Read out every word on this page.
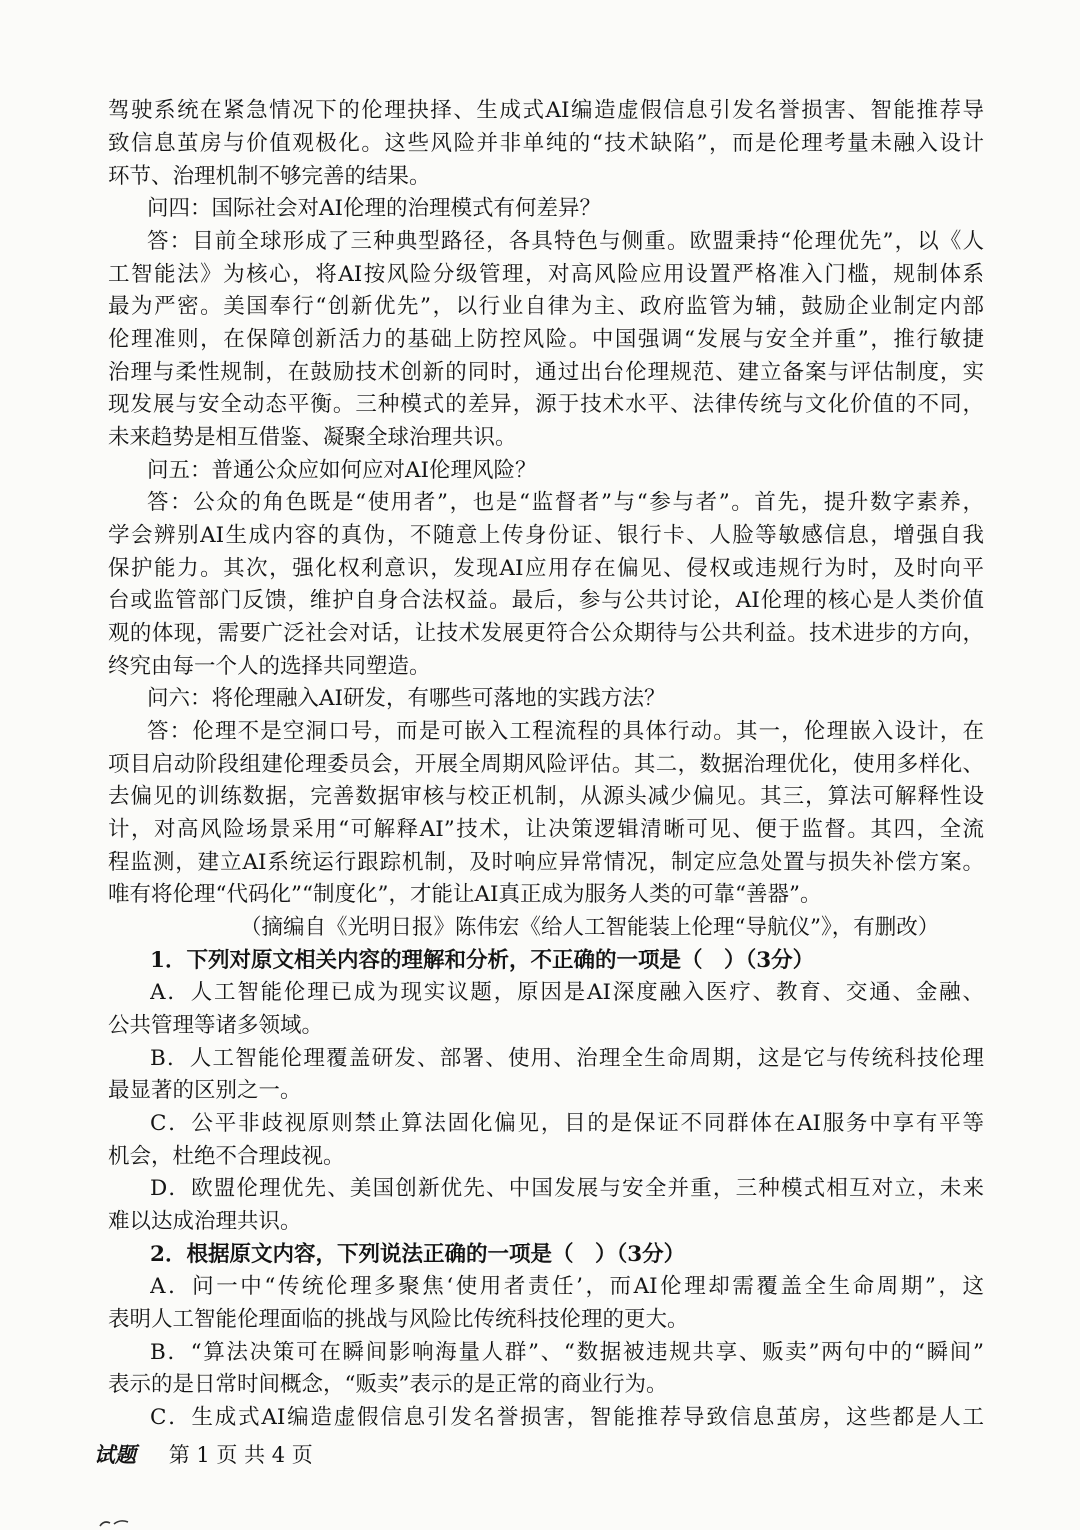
驾驶系统在紧急情况下的伦理抉择、生成式AI编造虚假信息引发名誉损害、智能推荐导
致信息茧房与价值观极化。这些风险并非单纯的“技术缺陷”，而是伦理考量未融入设计
环节、治理机制不够完善的结果。
问四：国际社会对AI伦理的治理模式有何差异？
答：目前全球形成了三种典型路径，各具特色与侧重。欧盟秉持“伦理优先”，以《人
工智能法》为核心，将AI按风险分级管理，对高风险应用设置严格准入门槛，规制体系
最为严密。美国奉行“创新优先”，以行业自律为主、政府监管为辅，鼓励企业制定内部
伦理准则，在保障创新活力的基础上防控风险。中国强调“发展与安全并重”，推行敏捷
治理与柔性规制，在鼓励技术创新的同时，通过出台伦理规范、建立备案与评估制度，实
现发展与安全动态平衡。三种模式的差异，源于技术水平、法律传统与文化价值的不同，
未来趋势是相互借鉴、凝聚全球治理共识。
问五：普通公众应如何应对AI伦理风险？
答：公众的角色既是“使用者”，也是“监督者”与“参与者”。首先，提升数字素养，
学会辨别AI生成内容的真伪，不随意上传身份证、银行卡、人脸等敏感信息，增强自我
保护能力。其次，强化权利意识，发现AI应用存在偏见、侵权或违规行为时，及时向平
台或监管部门反馈，维护自身合法权益。最后，参与公共讨论，AI伦理的核心是人类价值
观的体现，需要广泛社会对话，让技术发展更符合公众期待与公共利益。技术进步的方向，
终究由每一个人的选择共同塑造。
问六：将伦理融入AI研发，有哪些可落地的实践方法？
答：伦理不是空洞口号，而是可嵌入工程流程的具体行动。其一，伦理嵌入设计，在
项目启动阶段组建伦理委员会，开展全周期风险评估。其二，数据治理优化，使用多样化、
去偏见的训练数据，完善数据审核与校正机制，从源头减少偏见。其三，算法可解释性设
计，对高风险场景采用“可解释AI”技术，让决策逻辑清晰可见、便于监督。其四，全流
程监测，建立AI系统运行跟踪机制，及时响应异常情况，制定应急处置与损失补偿方案。
唯有将伦理“代码化”“制度化”，才能让AI真正成为服务人类的可靠“善器”。
（摘编自《光明日报》陈伟宏《给人工智能装上伦理“导航仪”》，有删改）
1．下列对原文相关内容的理解和分析，不正确的一项是（　）（3分）
A．人工智能伦理已成为现实议题，原因是AI深度融入医疗、教育、交通、金融、
公共管理等诸多领域。
B．人工智能伦理覆盖研发、部署、使用、治理全生命周期，这是它与传统科技伦理
最显著的区别之一。
C．公平非歧视原则禁止算法固化偏见，目的是保证不同群体在AI服务中享有平等
机会，杜绝不合理歧视。
D．欧盟伦理优先、美国创新优先、中国发展与安全并重，三种模式相互对立，未来
难以达成治理共识。
2．根据原文内容，下列说法正确的一项是（　）（3分）
A．问一中“传统伦理多聚焦‘使用者责任’，而AI伦理却需覆盖全生命周期”，这
表明人工智能伦理面临的挑战与风险比传统科技伦理的更大。
B．“算法决策可在瞬间影响海量人群”、“数据被违规共享、贩卖”两句中的“瞬间”
表示的是日常时间概念，“贩卖”表示的是正常的商业行为。
C．生成式AI编造虚假信息引发名誉损害，智能推荐导致信息茧房，这些都是人工
试题 第 1 页 共 4 页
